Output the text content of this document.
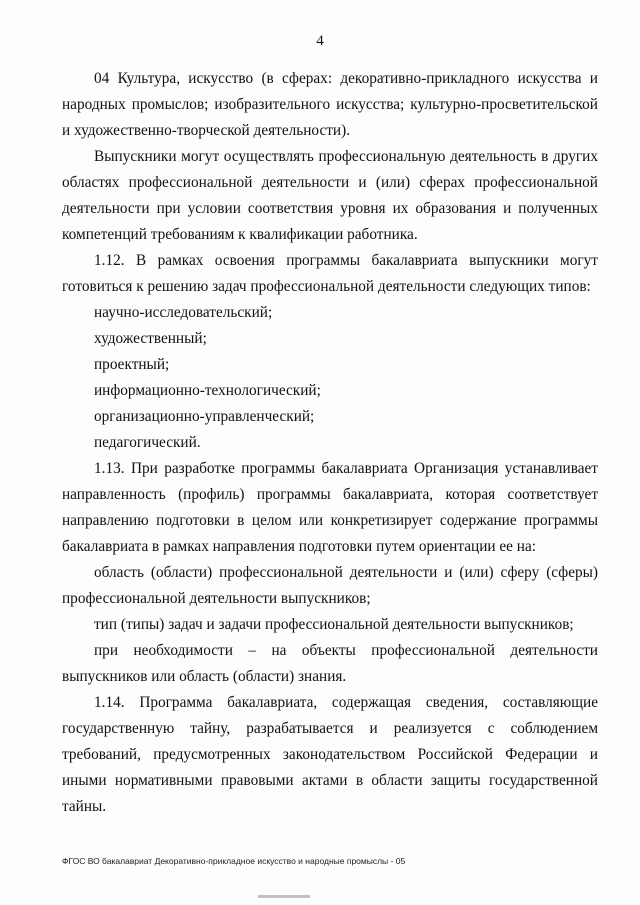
4

04 Культура, искусство (в сферах: декоративно-прикладного искусства и народных промыслов; изобразительного искусства; культурно-просветительской и художественно-творческой деятельности).

Выпускники могут осуществлять профессиональную деятельность в других областях профессиональной деятельности и (или) сферах профессиональной деятельности при условии соответствия уровня их образования и полученных компетенций требованиям к квалификации работника.

1.12. В рамках освоения программы бакалавриата выпускники могут готовиться к решению задач профессиональной деятельности следующих типов:

научно-исследовательский;

художественный;

проектный;

информационно-технологический;

организационно-управленческий;

педагогический.

1.13. При разработке программы бакалавриата Организация устанавливает направленность (профиль) программы бакалавриата, которая соответствует направлению подготовки в целом или конкретизирует содержание программы бакалавриата в рамках направления подготовки путем ориентации ее на:

область (области) профессиональной деятельности и (или) сферу (сферы) профессиональной деятельности выпускников;

тип (типы) задач и задачи профессиональной деятельности выпускников;

при необходимости – на объекты профессиональной деятельности выпускников или область (области) знания.

1.14. Программа бакалавриата, содержащая сведения, составляющие государственную тайну, разрабатывается и реализуется с соблюдением требований, предусмотренных законодательством Российской Федерации и иными нормативными правовыми актами в области защиты государственной тайны.

ФГОС ВО бакалавриат Декоративно-прикладное искусство и народные промыслы - 05
